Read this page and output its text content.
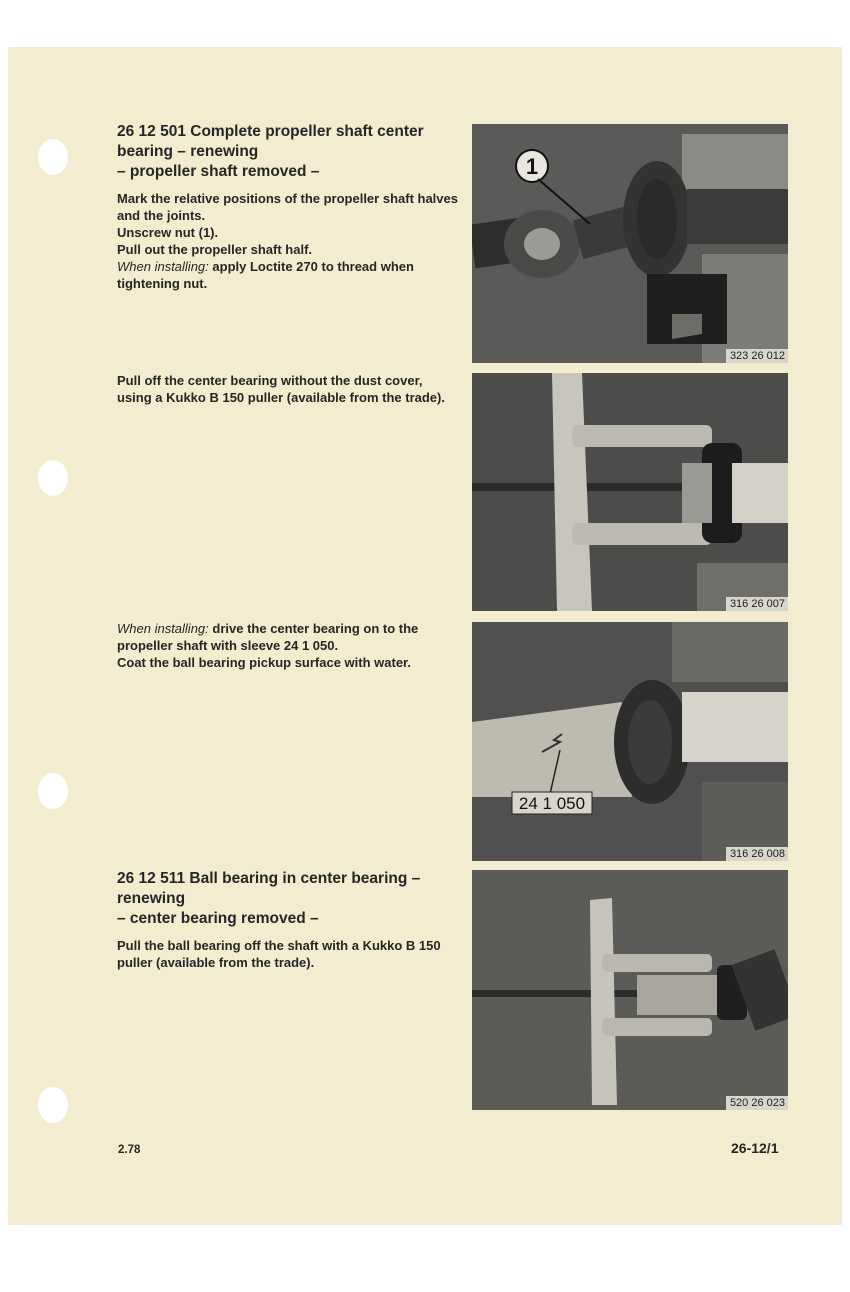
26 12 501 Complete propeller shaft center bearing – renewing
– propeller shaft removed –
Mark the relative positions of the propeller shaft halves and the joints.
Unscrew nut (1).
Pull out the propeller shaft half.
When installing: apply Loctite 270 to thread when tightening nut.
Pull off the center bearing without the dust cover, using a Kukko B 150 puller (available from the trade).
When installing: drive the center bearing on to the propeller shaft with sleeve 24 1 050.
Coat the ball bearing pickup surface with water.
26 12 511 Ball bearing in center bearing – renewing
– center bearing removed –
Pull the ball bearing off the shaft with a Kukko B 150 puller (available from the trade).
1
323 26 012
316 26 007
24 1 050
316 26 008
520 26 023
2.78	26-12/1
